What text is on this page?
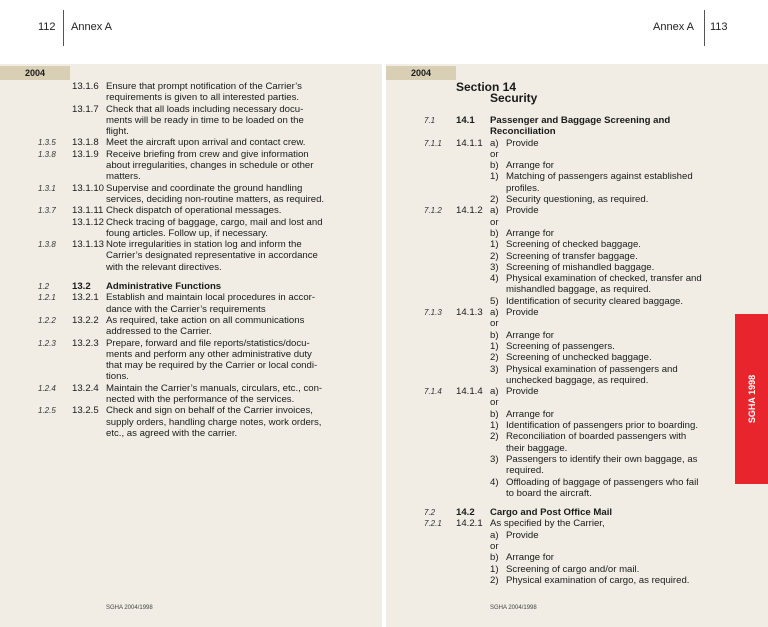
112 Annex A
2004
13.1.6 Ensure that prompt notification of the Carrier’s
requirements is given to all interested parties.
13.1.7 Check that all loads including necessary docu-
ments will be ready in time to be loaded on the
flight.
1.3.5 13.1.8 Meet the aircraft upon arrival and contact crew.
1.3.8 13.1.9 Receive briefing from crew and give information
about irregularities, changes in schedule or other
matters.
1.3.1 13.1.10 Supervise and coordinate the ground handling
services, deciding non-routine matters, as required.
1.3.7 13.1.11 Check dispatch of operational messages.
13.1.12 Check tracing of baggage, cargo, mail and lost and
foung articles. Follow up, if necessary.
1.3.8 13.1.13 Note irregularities in station log and inform the
Carrier’s designated representative in accordance
with the relevant directives.
1.2 13.2 Administrative Functions
1.2.1 13.2.1 Establish and maintain local procedures in accor-
dance with the Carrier’s requirements
1.2.2 13.2.2 As required, take action on all communications
addressed to the Carrier.
1.2.3 13.2.3 Prepare, forward and file reports/statistics/docu-
ments and perform any other administrative duty
that may be required by the Carrier or local condi-
tions.
1.2.4 13.2.4 Maintain the Carrier’s manuals, circulars, etc., con-
nected with the performance of the services.
1.2.5 13.2.5 Check and sign on behalf of the Carrier invoices,
supply orders, handling charge notes, work orders,
etc., as agreed with the carrier.
SGHA 2004/1998
Annex A 113
2004
Section 14
Security
7.1 14.1 Passenger and Baggage Screening and
Reconciliation
7.1.1 14.1.1 a) Provide
or
b) Arrange for
1) Matching of passengers against established
profiles.
2) Security questioning, as required.
7.1.2 14.1.2 a) Provide
or
b) Arrange for
1) Screening of checked baggage.
2) Screening of transfer baggage.
3) Screening of mishandled baggage.
4) Physical examination of checked, transfer and
mishandled baggage, as required.
5) Identification of security cleared baggage.
7.1.3 14.1.3 a) Provide
or
b) Arrange for
1) Screening of passengers.
2) Screening of unchecked baggage.
3) Physical examination of passengers and
unchecked baggage, as required.
7.1.4 14.1.4 a) Provide
or
b) Arrange for
1) Identification of passengers prior to boarding.
2) Reconciliation of boarded passengers with
their baggage.
3) Passengers to identify their own baggage, as
required.
4) Offloading of baggage of passengers who fail
to board the aircraft.
7.2 14.2 Cargo and Post Office Mail
7.2.1 14.2.1 As specified by the Carrier,
a) Provide
or
b) Arrange for
1) Screening of cargo and/or mail.
2) Physical examination of cargo, as required.
SGHA 2004/1998
SGHA 1998
